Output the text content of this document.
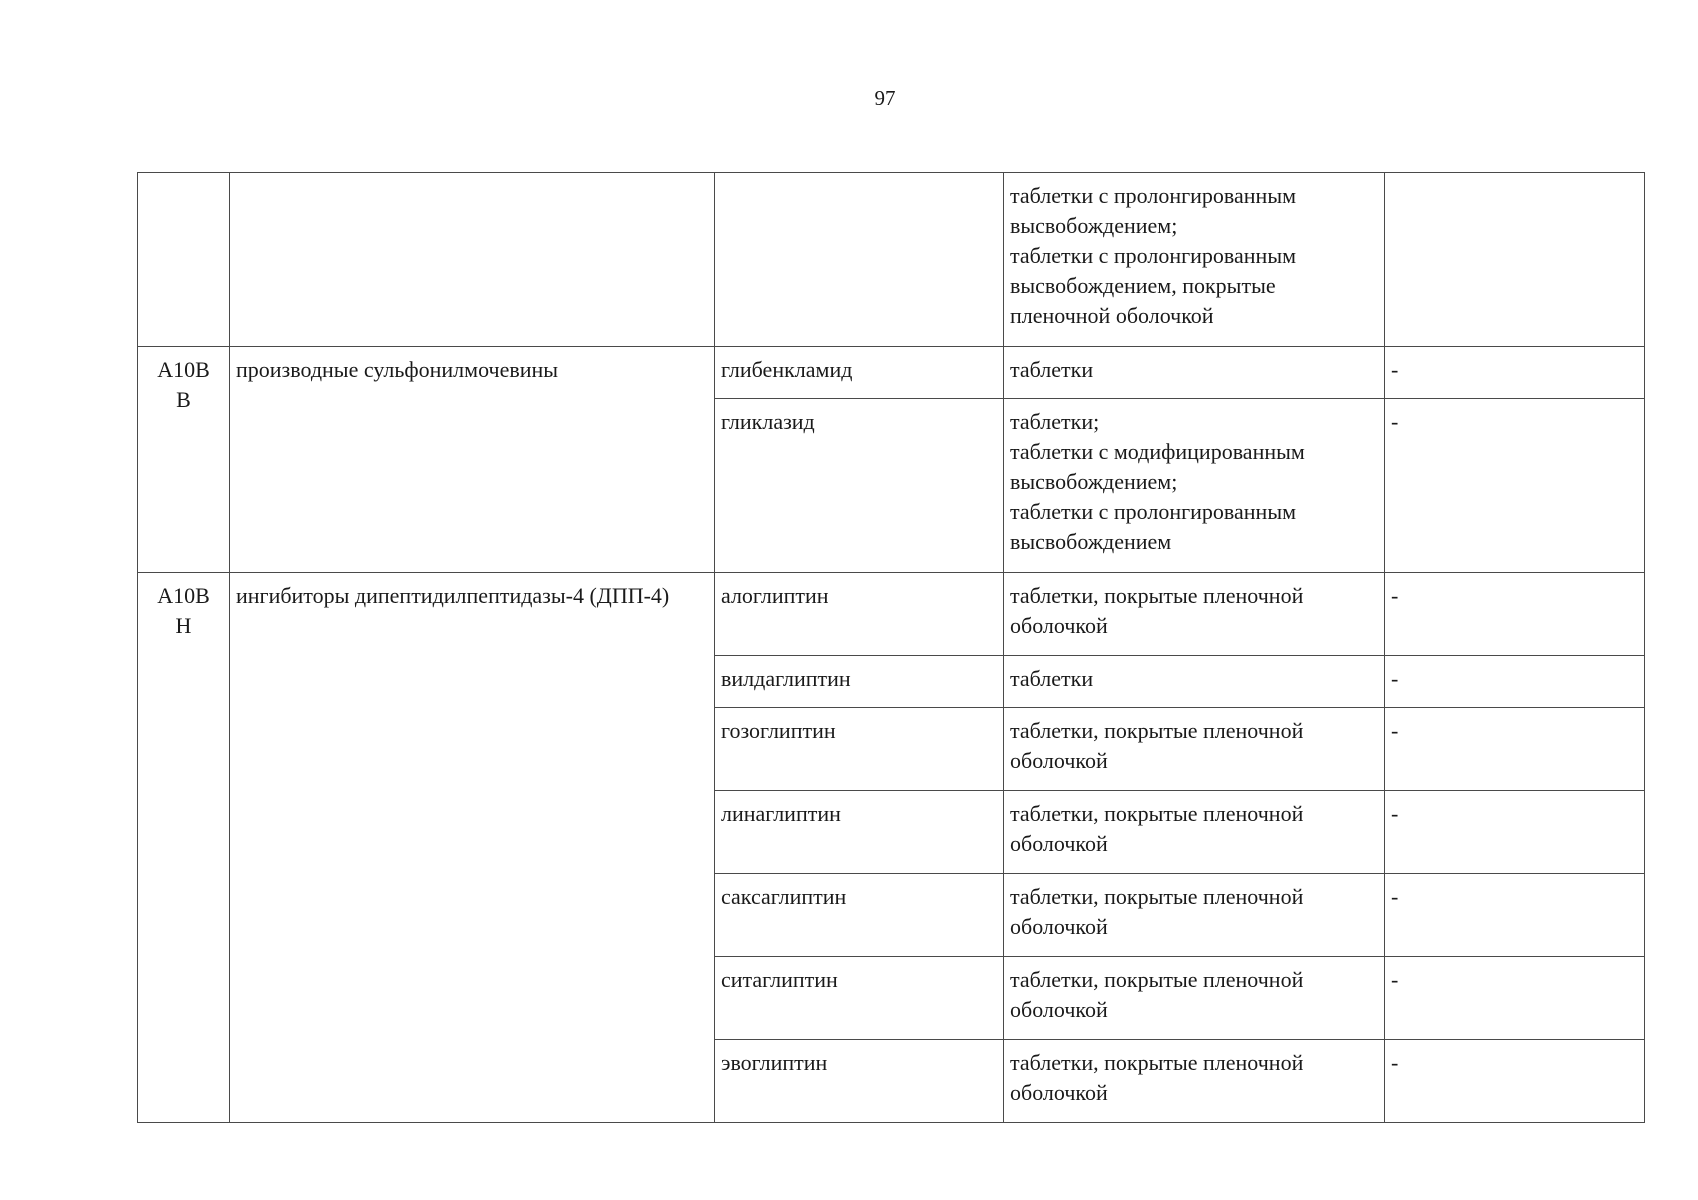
97
			таблетки с пролонгированным высвобождением;
таблетки с пролонгированным высвобождением, покрытые пленочной оболочкой	
A10B
B	производные сульфонилмочевины	глибенкламид	таблетки	-
		гликлазид	таблетки;
таблетки с модифицированным высвобождением;
таблетки с пролонгированным высвобождением	-
A10B
H	ингибиторы дипептидилпептидазы-4 (ДПП-4)	алоглиптин	таблетки, покрытые пленочной оболочкой	-
		вилдаглиптин	таблетки	-
		гозоглиптин	таблетки, покрытые пленочной оболочкой	-
		линаглиптин	таблетки, покрытые пленочной оболочкой	-
		саксаглиптин	таблетки, покрытые пленочной оболочкой	-
		ситаглиптин	таблетки, покрытые пленочной оболочкой	-
		эвоглиптин	таблетки, покрытые пленочной оболочкой	-
